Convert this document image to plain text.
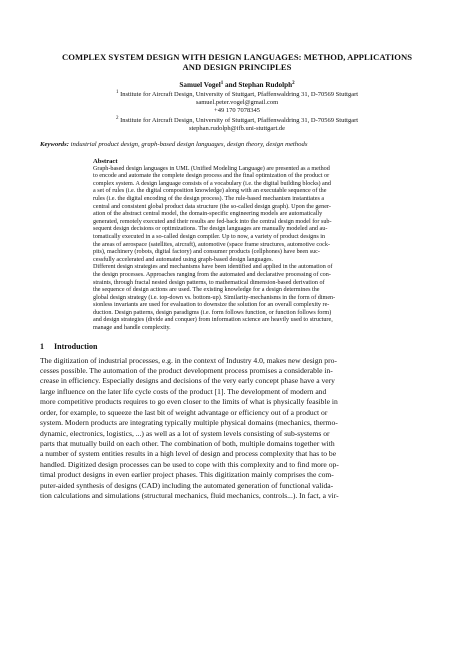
COMPLEX SYSTEM DESIGN WITH DESIGN LANGUAGES: METHOD, APPLICATIONS
AND DESIGN PRINCIPLES
Samuel Vogel$^1$ and Stephan Rudolph$^2$
$^1$ Institute for Aircraft Design, University of Stuttgart, Pfaffenwaldring 31, D-70569 Stuttgart
samuel.peter.vogel@gmail.com
+49 170 7078345
$^2$ Institute for Aircraft Design, University of Stuttgart, Pfaffenwaldring 31, D-70569 Stuttgart
stephan.rudolph@ifb.uni-stuttgart.de
Keywords: industrial product design, graph-based design languages, design theory, design methods
Abstract
Graph-based design languages in UML (Unified Modeling Language) are presented as a method
to encode and automate the complete design process and the final optimization of the product or
complex system. A design language consists of a vocabulary (i.e. the digital building blocks) and
a set of rules (i.e. the digital composition knowledge) along with an executable sequence of the
rules (i.e. the digital encoding of the design process). The rule-based mechanism instantiates a
central and consistent global product data structure (the so-called design graph). Upon the gener-
ation of the abstract central model, the domain-specific engineering models are automatically
generated, remotely executed and their results are fed-back into the central design model for sub-
sequent design decisions or optimizations. The design languages are manually modeled and au-
tomatically executed in a so-called design compiler. Up to now, a variety of product designs in
the areas of aerospace (satellites, aircraft), automotive (space frame structures, automotive cock-
pits), machinery (robots, digital factory) and consumer products (cellphones) have been suc-
cessfully accelerated and automated using graph-based design languages.
Different design strategies and mechanisms have been identified and applied in the automation of
the design processes. Approaches ranging from the automated and declarative processing of con-
straints, through fractal nested design patterns, to mathematical dimension-based derivation of
the sequence of design actions are used. The existing knowledge for a design determines the
global design strategy (i.e. top-down vs. bottom-up). Similarity-mechanisms in the form of dimen-
sionless invariants are used for evaluation to downsize the solution for an overall complexity re-
duction. Design patterns, design paradigms (i.e. form follows function, or function follows form)
and design strategies (divide and conquer) from information science are heavily used to structure,
manage and handle complexity.
1 Introduction
The digitization of industrial processes, e.g. in the context of Industry 4.0, makes new design pro-
cesses possible. The automation of the product development process promises a considerable in-
crease in efficiency. Especially designs and decisions of the very early concept phase have a very
large influence on the later life cycle costs of the product [1]. The development of modern and
more competitive products requires to go even closer to the limits of what is physically feasible in
order, for example, to squeeze the last bit of weight advantage or efficiency out of a product or
system. Modern products are integrating typically multiple physical domains (mechanics, thermo-
dynamic, electronics, logistics, ...) as well as a lot of system levels consisting of sub-systems or
parts that mutually build on each other. The combination of both, multiple domains together with
a number of system entities results in a high level of design and process complexity that has to be
handled. Digitized design processes can be used to cope with this complexity and to find more op-
timal product designs in even earlier project phases. This digitization mainly comprises the com-
puter-aided synthesis of designs (CAD) including the automated generation of functional valida-
tion calculations and simulations (structural mechanics, fluid mechanics, controls...). In fact, a vir-
